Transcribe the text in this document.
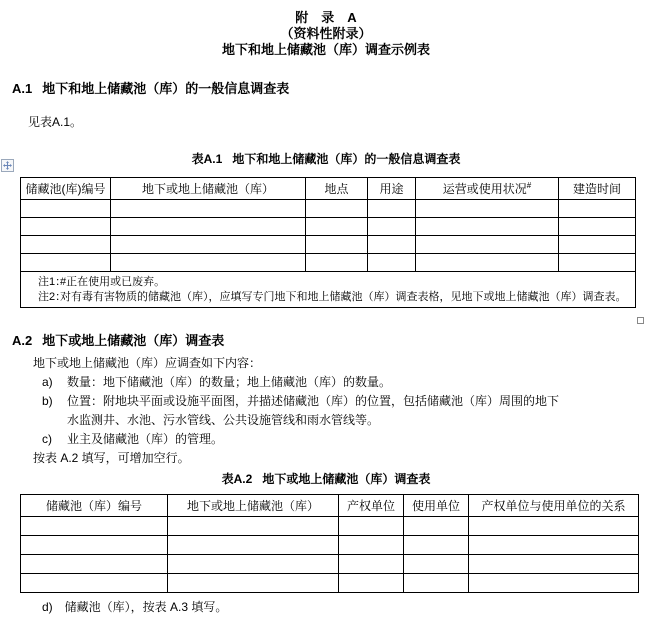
附　录　A
（资料性附录）
地下和地上储藏池（库）调查示例表
A.1 地下和地上储藏池（库）的一般信息调查表
见表A.1。
表A.1 地下和地上储藏池（库）的一般信息调查表
储藏池(库)编号	地下或地上储藏池（库）	地点	用途	运营或使用状况#	建造时间

注1：
#正在使用或已废弃。
注2：
对有毒有害物质的储藏池（库），应填写专门地下和地上储藏池（库）调查表格，见地下或地上储藏池（库）调查表。					
A.2 地下或地上储藏池（库）调查表
地下或地上储藏池（库）应调查如下内容：
a) 数量：地下储藏池（库）的数量；地上储藏池（库）的数量。
b) 位置：附地块平面或设施平面图，并描述储藏池（库）的位置，包括储藏池（库）周围的地下水监测井、水池、污水管线、公共设施管线和雨水管线等。
c) 业主及储藏池（库）的管理。
按表 A.2 填写，可增加空行。
表A.2 地下或地上储藏池（库）调查表
储藏池（库）编号	地下或地上储藏池（库）	产权单位	使用单位	产权单位与使用单位的关系

d) 储藏池（库），按表 A.3 填写。
